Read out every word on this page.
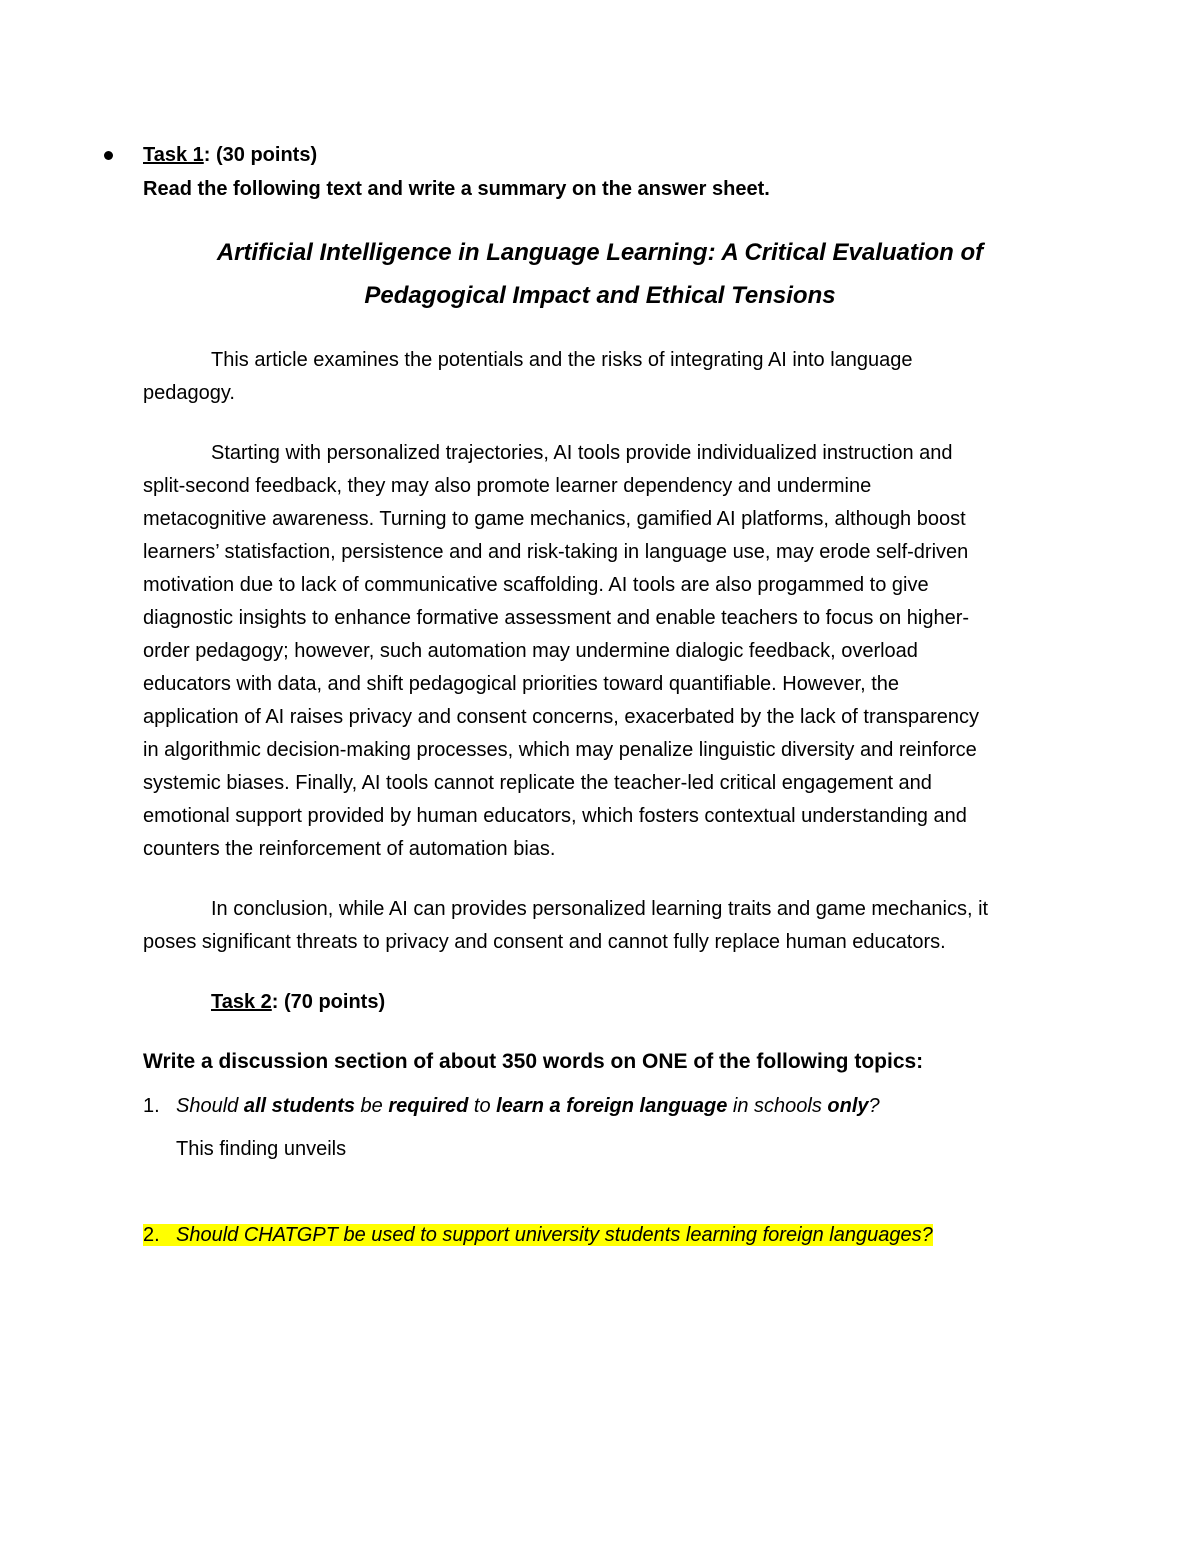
Task 1: (30 points)
Read the following text and write a summary on the answer sheet.
Artificial Intelligence in Language Learning: A Critical Evaluation of
Pedagogical Impact and Ethical Tensions
This article examines the potentials and the risks of integrating AI into language
pedagogy.
Starting with personalized trajectories, AI tools provide individualized instruction and
split-second feedback, they may also promote learner dependency and undermine
metacognitive awareness. Turning to game mechanics, gamified AI platforms, although boost
learners’ statisfaction, persistence and and risk-taking in language use, may erode self-driven
motivation due to lack of communicative scaffolding. AI tools are also progammed to give
diagnostic insights to enhance formative assessment and enable teachers to focus on higher-
order pedagogy; however, such automation may undermine dialogic feedback, overload
educators with data, and shift pedagogical priorities toward quantifiable. However, the
application of AI raises privacy and consent concerns, exacerbated by the lack of transparency
in algorithmic decision-making processes, which may penalize linguistic diversity and reinforce
systemic biases. Finally, AI tools cannot replicate the teacher-led critical engagement and
emotional support provided by human educators, which fosters contextual understanding and
counters the reinforcement of automation bias.
In conclusion, while AI can provides personalized learning traits and game mechanics, it
poses significant threats to privacy and consent and cannot fully replace human educators.
Task 2: (70 points)
Write a discussion section of about 350 words on ONE of the following topics:
1. Should all students be required to learn a foreign language in schools only?
This finding unveils
2. Should CHATGPT be used to support university students learning foreign languages?
